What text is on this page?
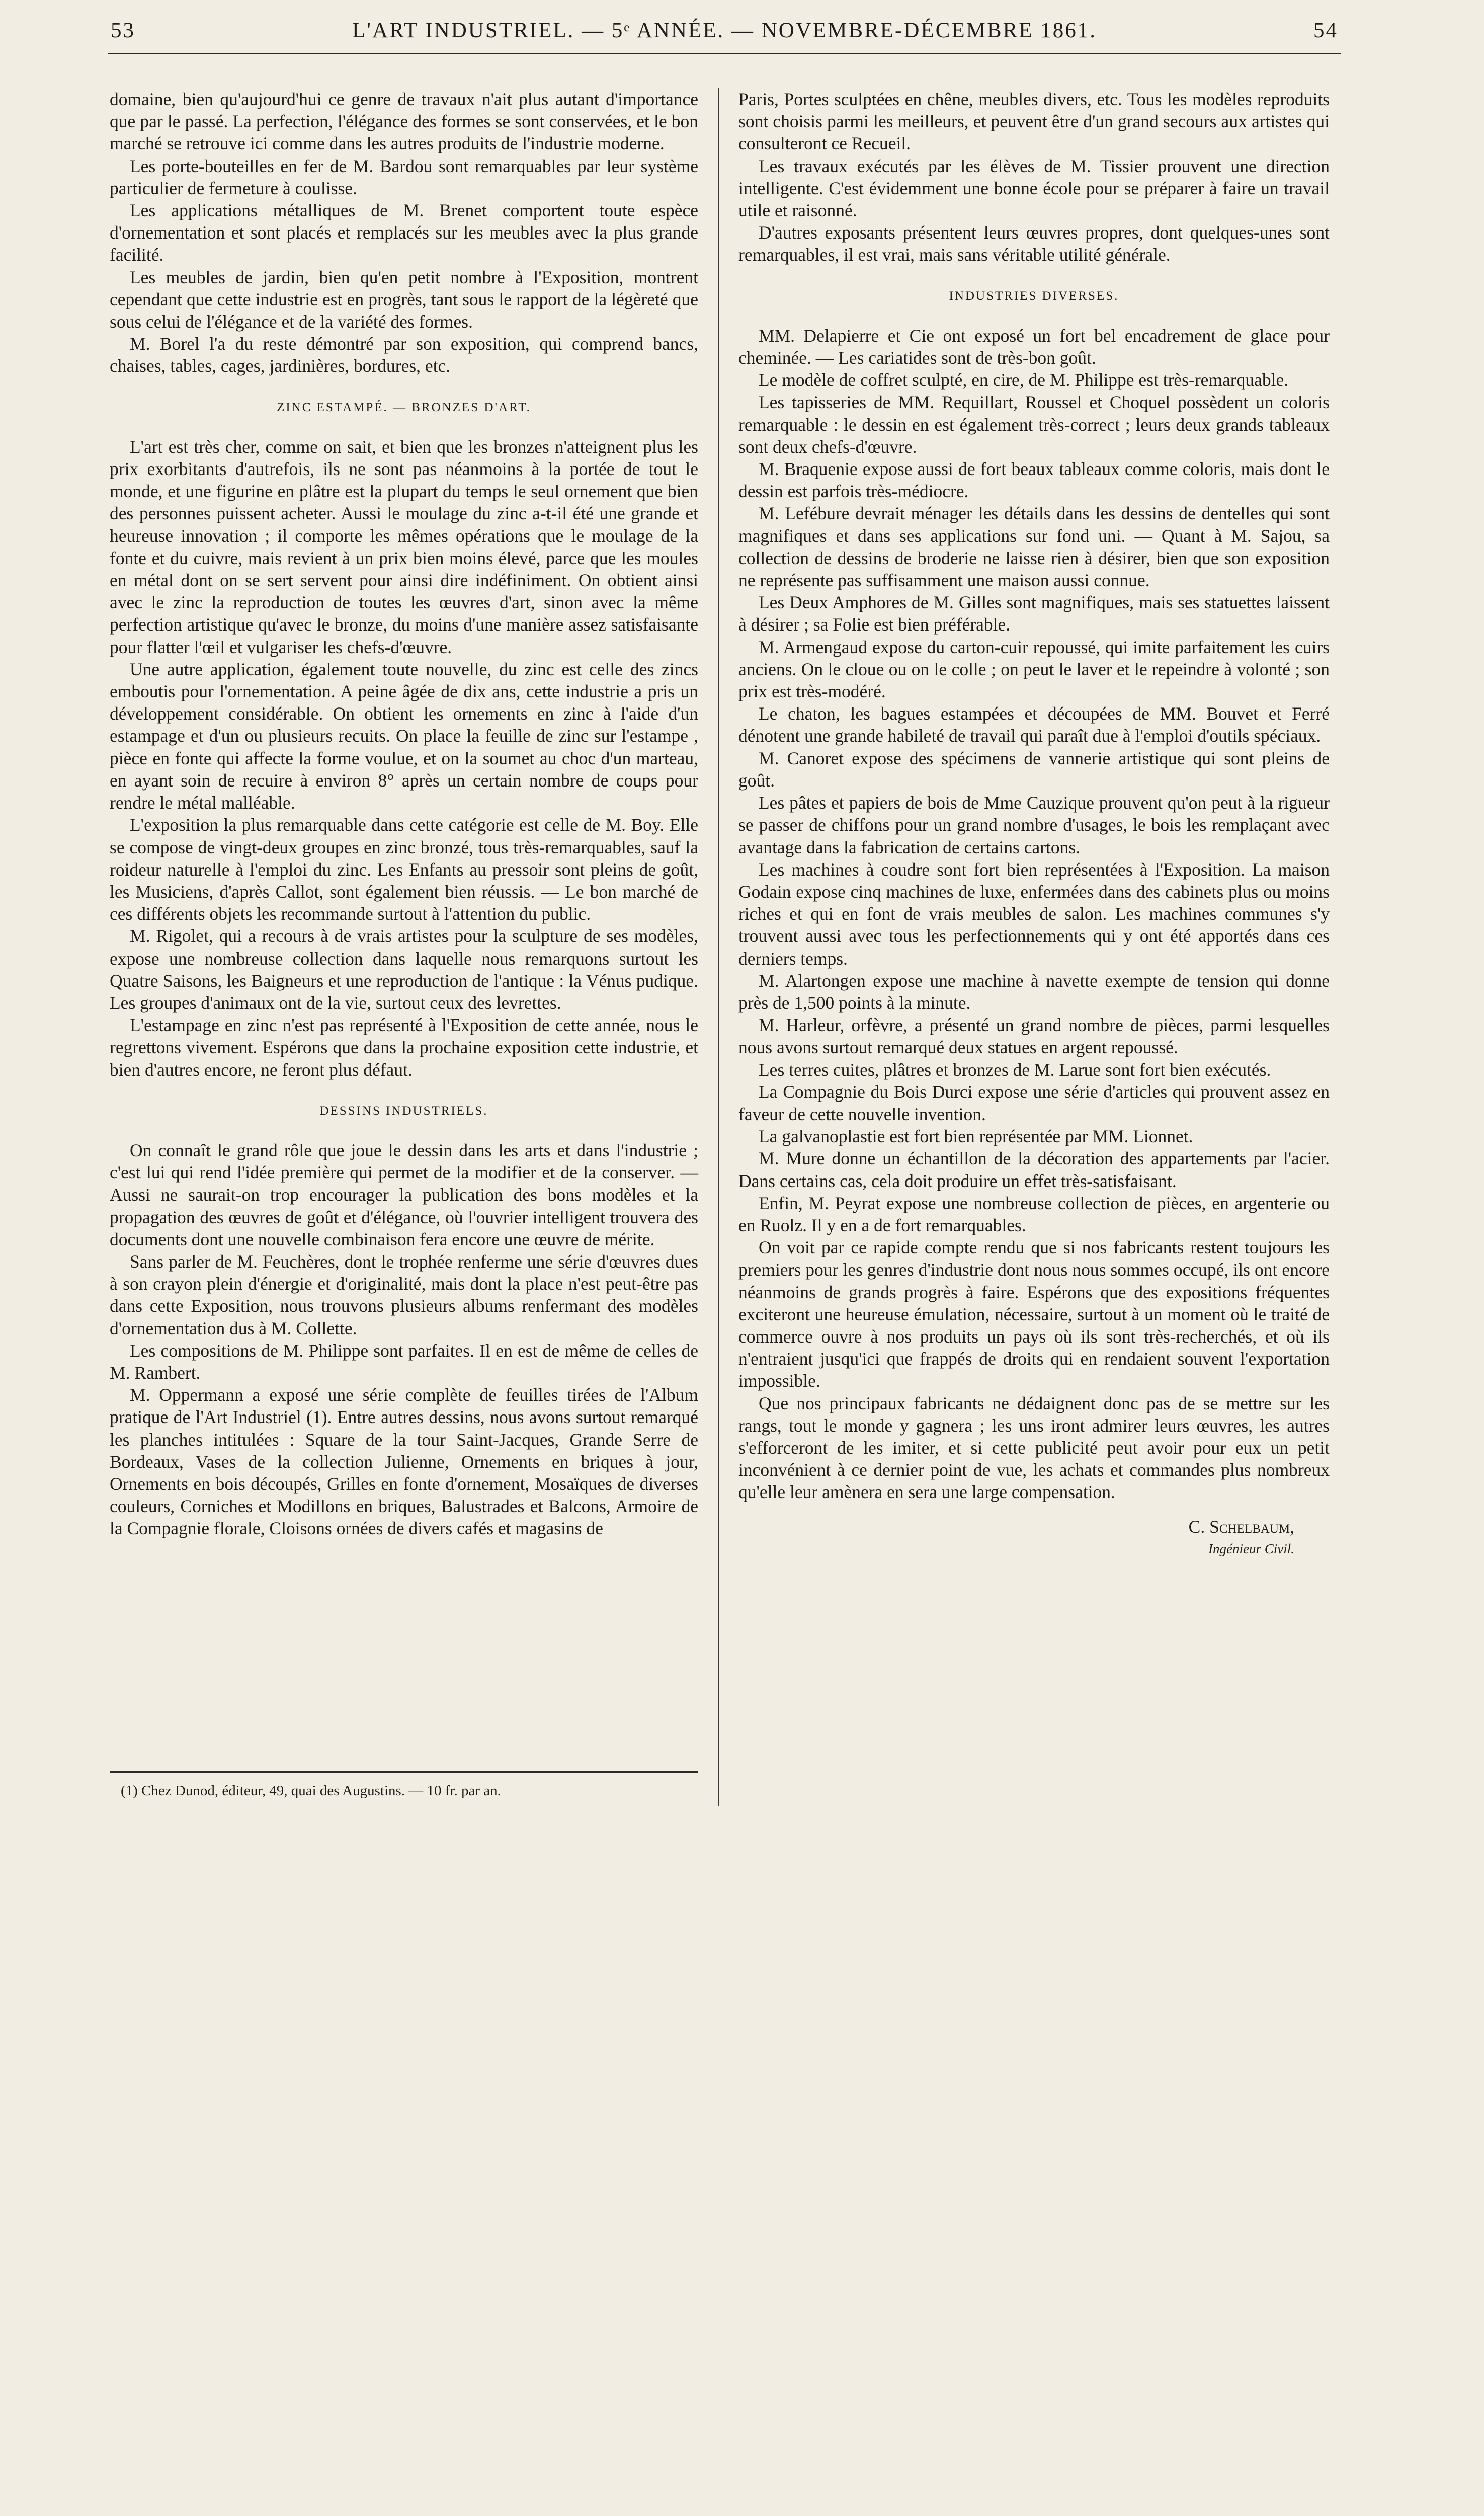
53	L'ART INDUSTRIEL. — 5ᵉ ANNÉE. — NOVEMBRE-DÉCEMBRE 1861.	54

domaine, bien qu'aujourd'hui ce genre de travaux n'ait plus autant d'importance que par le passé. La perfection, l'élégance des formes se sont conservées, et le bon marché se retrouve ici comme dans les autres produits de l'industrie moderne.

Les porte-bouteilles en fer de M. Bardou sont remarquables par leur système particulier de fermeture à coulisse.

Les applications métalliques de M. Brenet comportent toute espèce d'ornementation et sont placés et remplacés sur les meubles avec la plus grande facilité.

Les meubles de jardin, bien qu'en petit nombre à l'Exposition, montrent cependant que cette industrie est en progrès, tant sous le rapport de la légèreté que sous celui de l'élégance et de la variété des formes.

M. Borel l'a du reste démontré par son exposition, qui comprend bancs, chaises, tables, cages, jardinières, bordures, etc.

ZINC ESTAMPÉ. — BRONZES D'ART.

L'art est très cher, comme on sait, et bien que les bronzes n'atteignent plus les prix exorbitants d'autrefois, ils ne sont pas néanmoins à la portée de tout le monde, et une figurine en plâtre est la plupart du temps le seul ornement que bien des personnes puissent acheter. Aussi le moulage du zinc a-t-il été une grande et heureuse innovation ; il comporte les mêmes opérations que le moulage de la fonte et du cuivre, mais revient à un prix bien moins élevé, parce que les moules en métal dont on se sert servent pour ainsi dire indéfiniment. On obtient ainsi avec le zinc la reproduction de toutes les œuvres d'art, sinon avec la même perfection artistique qu'avec le bronze, du moins d'une manière assez satisfaisante pour flatter l'œil et vulgariser les chefs-d'œuvre.

Une autre application, également toute nouvelle, du zinc est celle des zincs emboutis pour l'ornementation. A peine âgée de dix ans, cette industrie a pris un développement considérable. On obtient les ornements en zinc à l'aide d'un estampage et d'un ou plusieurs recuits. On place la feuille de zinc sur l'estampe , pièce en fonte qui affecte la forme voulue, et on la soumet au choc d'un marteau, en ayant soin de recuire à environ 8° après un certain nombre de coups pour rendre le métal malléable.

L'exposition la plus remarquable dans cette catégorie est celle de M. Boy. Elle se compose de vingt-deux groupes en zinc bronzé, tous très-remarquables, sauf la roideur naturelle à l'emploi du zinc. Les Enfants au pressoir sont pleins de goût, les Musiciens, d'après Callot, sont également bien réussis. — Le bon marché de ces différents objets les recommande surtout à l'attention du public.

M. Rigolet, qui a recours à de vrais artistes pour la sculpture de ses modèles, expose une nombreuse collection dans laquelle nous remarquons surtout les Quatre Saisons, les Baigneurs et une reproduction de l'antique : la Vénus pudique. Les groupes d'animaux ont de la vie, surtout ceux des levrettes.

L'estampage en zinc n'est pas représenté à l'Exposition de cette année, nous le regrettons vivement. Espérons que dans la prochaine exposition cette industrie, et bien d'autres encore, ne feront plus défaut.

DESSINS INDUSTRIELS.

On connaît le grand rôle que joue le dessin dans les arts et dans l'industrie ; c'est lui qui rend l'idée première qui permet de la modifier et de la conserver. — Aussi ne saurait-on trop encourager la publication des bons modèles et la propagation des œuvres de goût et d'élégance, où l'ouvrier intelligent trouvera des documents dont une nouvelle combinaison fera encore une œuvre de mérite.

Sans parler de M. Feuchères, dont le trophée renferme une série d'œuvres dues à son crayon plein d'énergie et d'originalité, mais dont la place n'est peut-être pas dans cette Exposition, nous trouvons plusieurs albums renfermant des modèles d'ornementation dus à M. Collette.

Les compositions de M. Philippe sont parfaites. Il en est de même de celles de M. Rambert.

M. Oppermann a exposé une série complète de feuilles tirées de l'Album pratique de l'Art Industriel (1). Entre autres dessins, nous avons surtout remarqué les planches intitulées : Square de la tour Saint-Jacques, Grande Serre de Bordeaux, Vases de la collection Julienne, Ornements en briques à jour, Ornements en bois découpés, Grilles en fonte d'ornement, Mosaïques de diverses couleurs, Corniches et Modillons en briques, Balustrades et Balcons, Armoire de la Compagnie florale, Cloisons ornées de divers cafés et magasins de

Paris, Portes sculptées en chêne, meubles divers, etc. Tous les modèles reproduits sont choisis parmi les meilleurs, et peuvent être d'un grand secours aux artistes qui consulteront ce Recueil.

Les travaux exécutés par les élèves de M. Tissier prouvent une direction intelligente. C'est évidemment une bonne école pour se préparer à faire un travail utile et raisonné.

D'autres exposants présentent leurs œuvres propres, dont quelques-unes sont remarquables, il est vrai, mais sans véritable utilité générale.

INDUSTRIES DIVERSES.

MM. Delapierre et Cie ont exposé un fort bel encadrement de glace pour cheminée. — Les cariatides sont de très-bon goût.

Le modèle de coffret sculpté, en cire, de M. Philippe est très-remarquable.

Les tapisseries de MM. Requillart, Roussel et Choquel possèdent un coloris remarquable : le dessin en est également très-correct ; leurs deux grands tableaux sont deux chefs-d'œuvre.

M. Braquenie expose aussi de fort beaux tableaux comme coloris, mais dont le dessin est parfois très-médiocre.

M. Lefébure devrait ménager les détails dans les dessins de dentelles qui sont magnifiques et dans ses applications sur fond uni. — Quant à M. Sajou, sa collection de dessins de broderie ne laisse rien à désirer, bien que son exposition ne représente pas suffisamment une maison aussi connue.

Les Deux Amphores de M. Gilles sont magnifiques, mais ses statuettes laissent à désirer ; sa Folie est bien préférable.

M. Armengaud expose du carton-cuir repoussé, qui imite parfaitement les cuirs anciens. On le cloue ou on le colle ; on peut le laver et le repeindre à volonté ; son prix est très-modéré.

Le chaton, les bagues estampées et découpées de MM. Bouvet et Ferré dénotent une grande habileté de travail qui paraît due à l'emploi d'outils spéciaux.

M. Canoret expose des spécimens de vannerie artistique qui sont pleins de goût.

Les pâtes et papiers de bois de Mme Cauzique prouvent qu'on peut à la rigueur se passer de chiffons pour un grand nombre d'usages, le bois les remplaçant avec avantage dans la fabrication de certains cartons.

Les machines à coudre sont fort bien représentées à l'Exposition. La maison Godain expose cinq machines de luxe, enfermées dans des cabinets plus ou moins riches et qui en font de vrais meubles de salon. Les machines communes s'y trouvent aussi avec tous les perfectionnements qui y ont été apportés dans ces derniers temps.

M. Alartongen expose une machine à navette exempte de tension qui donne près de 1,500 points à la minute.

M. Harleur, orfèvre, a présenté un grand nombre de pièces, parmi lesquelles nous avons surtout remarqué deux statues en argent repoussé.

Les terres cuites, plâtres et bronzes de M. Larue sont fort bien exécutés.

La Compagnie du Bois Durci expose une série d'articles qui prouvent assez en faveur de cette nouvelle invention.

La galvanoplastie est fort bien représentée par MM. Lionnet.

M. Mure donne un échantillon de la décoration des appartements par l'acier. Dans certains cas, cela doit produire un effet très-satisfaisant.

Enfin, M. Peyrat expose une nombreuse collection de pièces, en argenterie ou en Ruolz. Il y en a de fort remarquables.

On voit par ce rapide compte rendu que si nos fabricants restent toujours les premiers pour les genres d'industrie dont nous nous sommes occupé, ils ont encore néanmoins de grands progrès à faire. Espérons que des expositions fréquentes exciteront une heureuse émulation, nécessaire, surtout à un moment où le traité de commerce ouvre à nos produits un pays où ils sont très-recherchés, et où ils n'entraient jusqu'ici que frappés de droits qui en rendaient souvent l'exportation impossible.

Que nos principaux fabricants ne dédaignent donc pas de se mettre sur les rangs, tout le monde y gagnera ; les uns iront admirer leurs œuvres, les autres s'efforceront de les imiter, et si cette publicité peut avoir pour eux un petit inconvénient à ce dernier point de vue, les achats et commandes plus nombreux qu'elle leur amènera en sera une large compensation.

C. Schelbaum,

Ingénieur Civil.

(1) Chez Dunod, éditeur, 49, quai des Augustins. — 10 fr. par an.
